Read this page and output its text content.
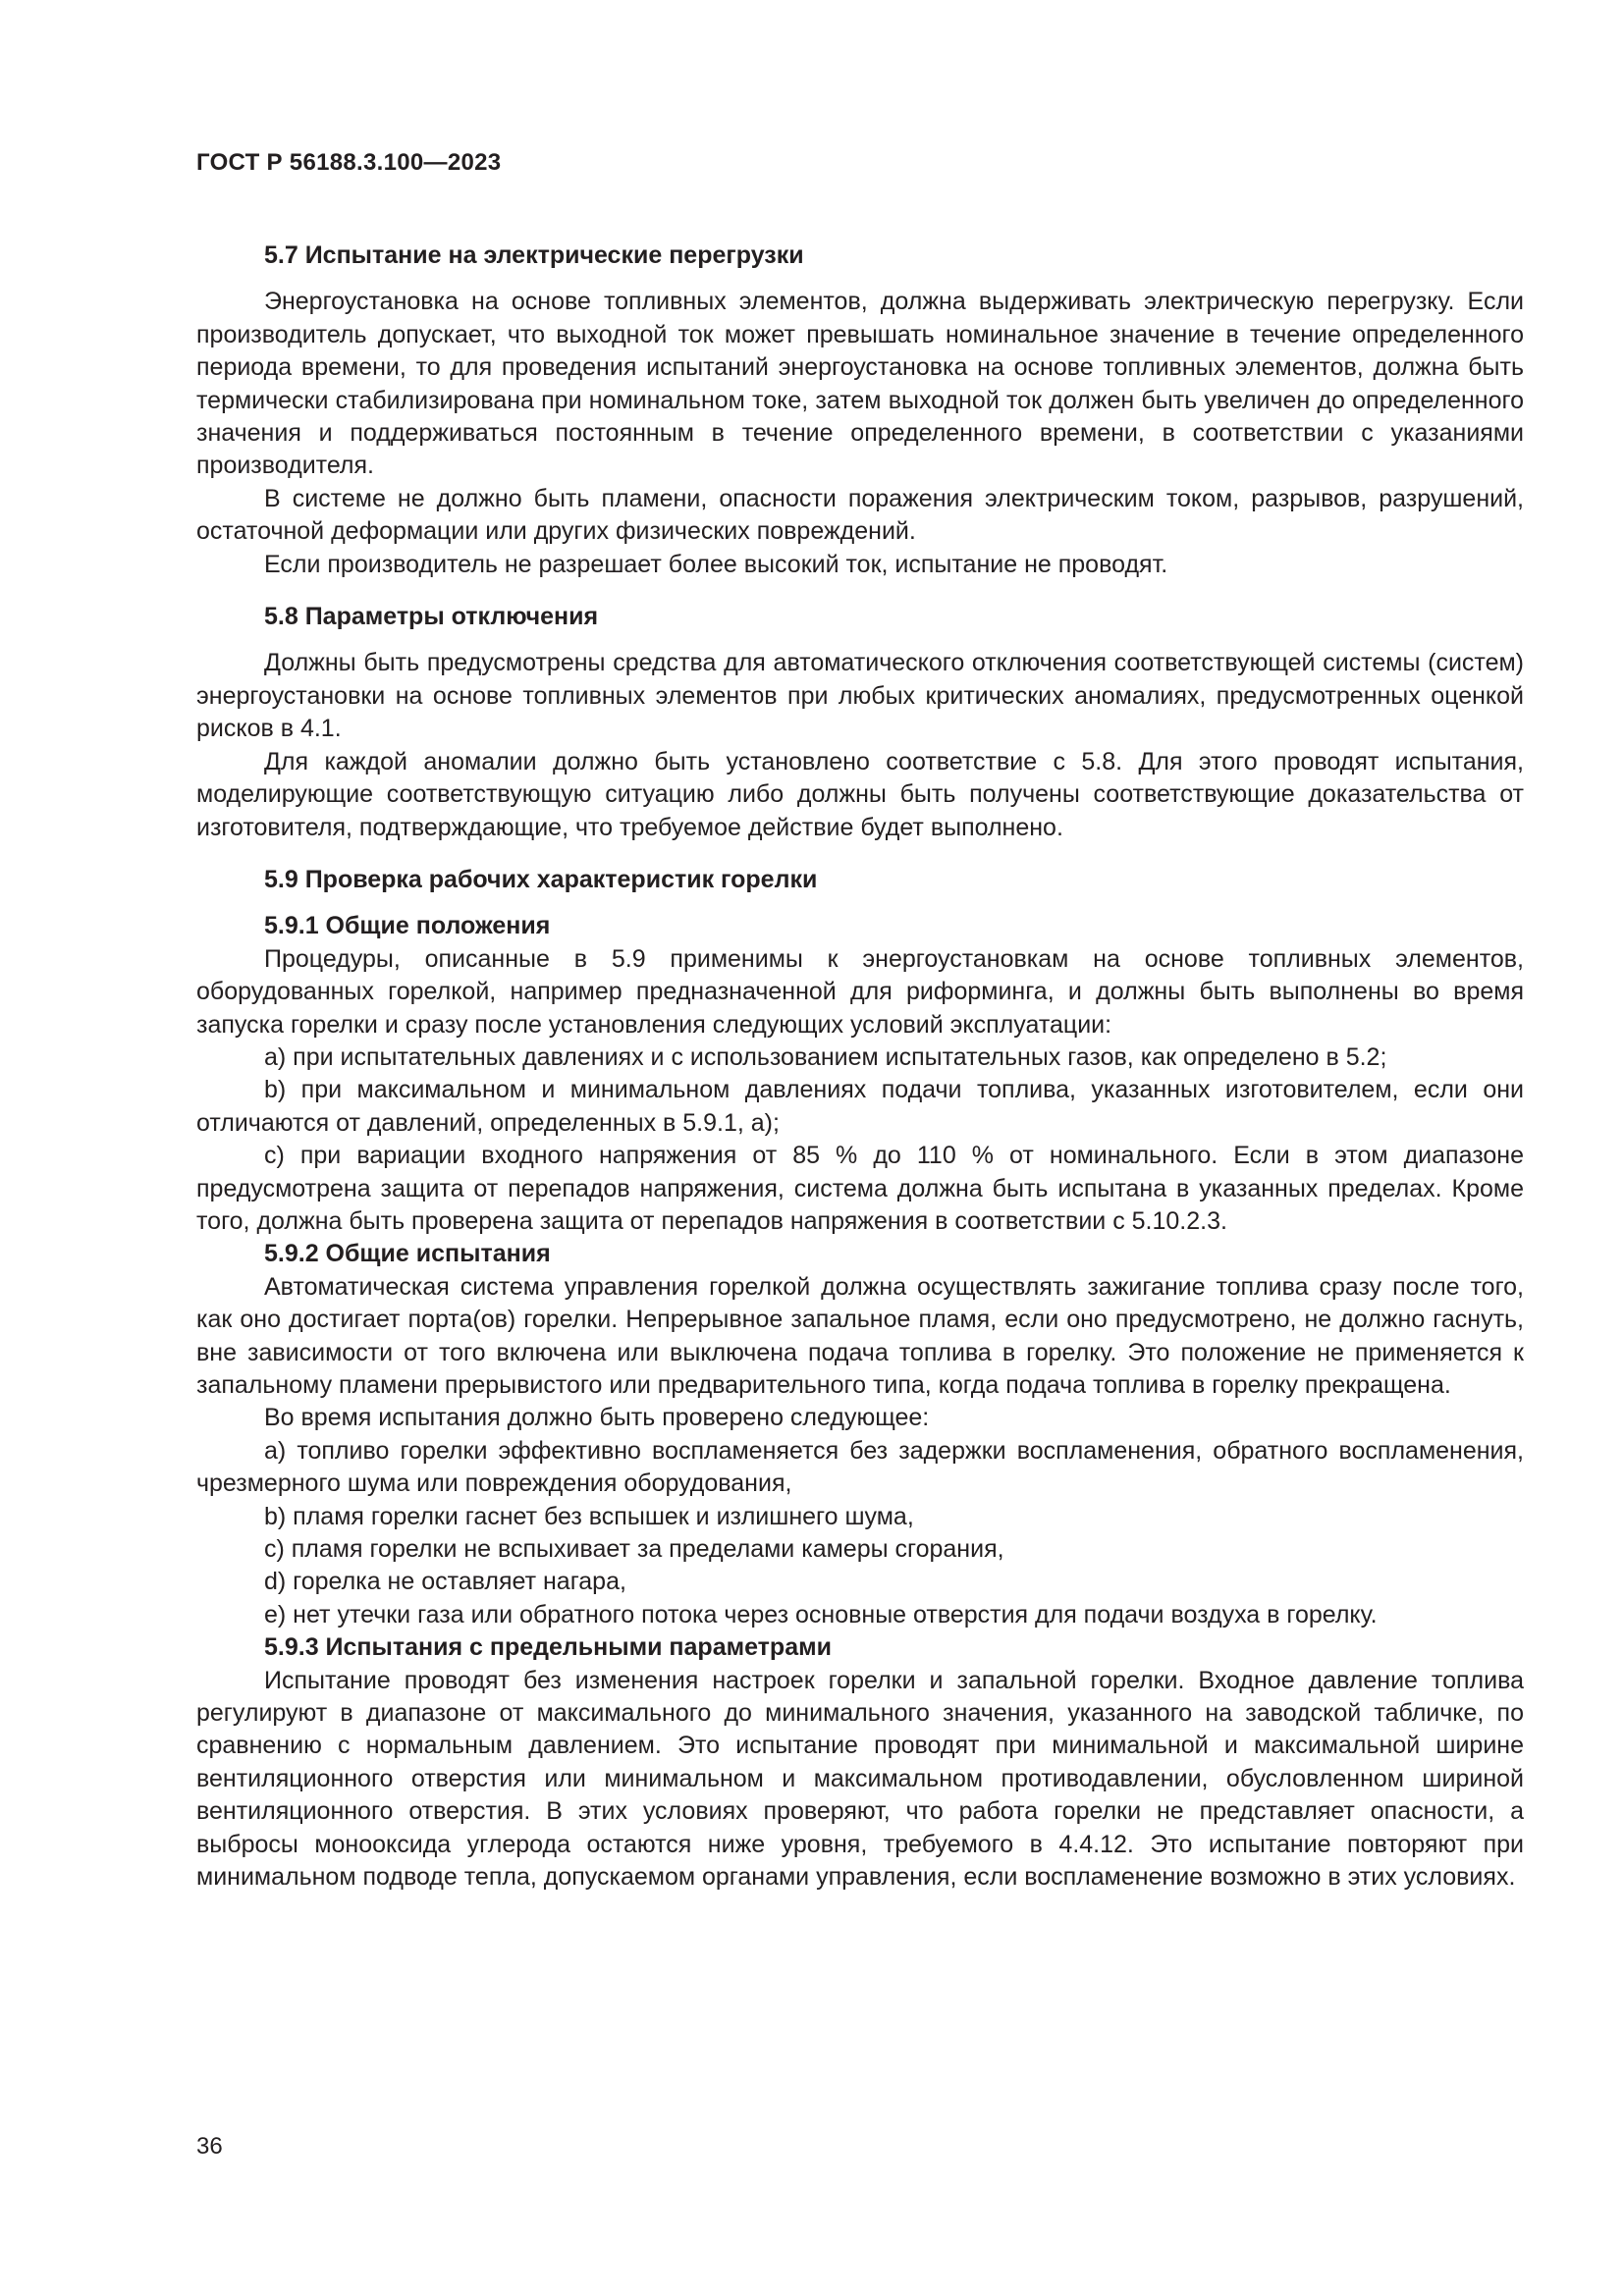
ГОСТ Р 56188.3.100—2023

5.7 Испытание на электрические перегрузки

Энергоустановка на основе топливных элементов, должна выдерживать электрическую перегрузку. Если производитель допускает, что выходной ток может превышать номинальное значение в течение определенного периода времени, то для проведения испытаний энергоустановка на основе топливных элементов, должна быть термически стабилизирована при номинальном токе, затем выходной ток должен быть увеличен до определенного значения и поддерживаться постоянным в течение определенного времени, в соответствии с указаниями производителя.

В системе не должно быть пламени, опасности поражения электрическим током, разрывов, разрушений, остаточной деформации или других физических повреждений.

Если производитель не разрешает более высокий ток, испытание не проводят.

5.8 Параметры отключения

Должны быть предусмотрены средства для автоматического отключения соответствующей системы (систем) энергоустановки на основе топливных элементов при любых критических аномалиях, предусмотренных оценкой рисков в 4.1.

Для каждой аномалии должно быть установлено соответствие с 5.8. Для этого проводят испытания, моделирующие соответствующую ситуацию либо должны быть получены соответствующие доказательства от изготовителя, подтверждающие, что требуемое действие будет выполнено.

5.9 Проверка рабочих характеристик горелки
5.9.1 Общие положения

Процедуры, описанные в 5.9 применимы к энергоустановкам на основе топливных элементов, оборудованных горелкой, например предназначенной для риформинга, и должны быть выполнены во время запуска горелки и сразу после установления следующих условий эксплуатации:

a) при испытательных давлениях и с использованием испытательных газов, как определено в 5.2;

b) при максимальном и минимальном давлениях подачи топлива, указанных изготовителем, если они отличаются от давлений, определенных в 5.9.1, а);

c) при вариации входного напряжения от 85 % до 110 % от номинального. Если в этом диапазоне предусмотрена защита от перепадов напряжения, система должна быть испытана в указанных пределах. Кроме того, должна быть проверена защита от перепадов напряжения в соответствии с 5.10.2.3.

5.9.2 Общие испытания

Автоматическая система управления горелкой должна осуществлять зажигание топлива сразу после того, как оно достигает порта(ов) горелки. Непрерывное запальное пламя, если оно предусмотрено, не должно гаснуть, вне зависимости от того включена или выключена подача топлива в горелку. Это положение не применяется к запальному пламени прерывистого или предварительного типа, когда подача топлива в горелку прекращена.

Во время испытания должно быть проверено следующее:

а) топливо горелки эффективно воспламеняется без задержки воспламенения, обратного воспламенения, чрезмерного шума или повреждения оборудования,

b) пламя горелки гаснет без вспышек и излишнего шума,

c) пламя горелки не вспыхивает за пределами камеры сгорания,

d) горелка не оставляет нагара,

e) нет утечки газа или обратного потока через основные отверстия для подачи воздуха в горелку.

5.9.3 Испытания с предельными параметрами

Испытание проводят без изменения настроек горелки и запальной горелки. Входное давление топлива регулируют в диапазоне от максимального до минимального значения, указанного на заводской табличке, по сравнению с нормальным давлением. Это испытание проводят при минимальной и максимальной ширине вентиляционного отверстия или минимальном и максимальном противодавлении, обусловленном шириной вентиляционного отверстия. В этих условиях проверяют, что работа горелки не представляет опасности, а выбросы монооксида углерода остаются ниже уровня, требуемого в 4.4.12. Это испытание повторяют при минимальном подводе тепла, допускаемом органами управления, если воспламенение возможно в этих условиях.

36
